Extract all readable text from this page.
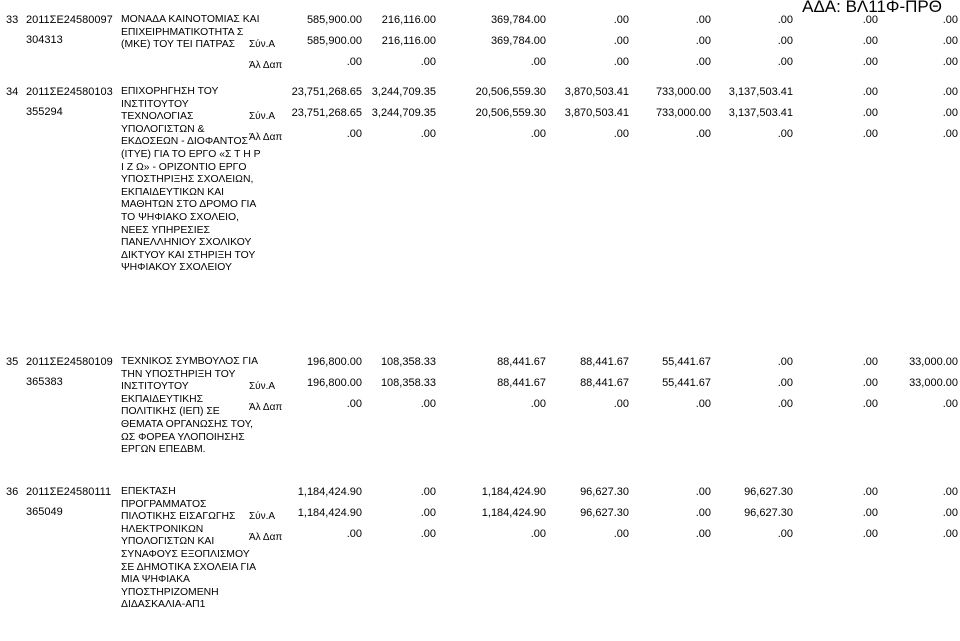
ΑΔΑ: ΒΛ11Φ-ΠΡΘ
33 2011ΣΕ24580097
304313
ΜΟΝΑΔΑ ΚΑΙΝΟΤΟΜΙΑΣ ΚΑΙ ΕΠΙΧΕΙΡΗΜΑΤΙΚΟΤΗΤΑ Σ (ΜΚΕ) ΤΟΥ ΤΕΙ ΠΑΤΡΑΣ
585,900.00 216,116.00	369,784.00	.00	.00	.00	.00	.00
Σύν.Α	585,900.00 216,116.00	369,784.00	.00	.00	.00	.00	.00
Άλ Δαπ	.00	.00	.00	.00	.00	.00	.00	.00
34 2011ΣΕ24580103
355294
ΕΠΙΧΟΡΗΓΗΣΗ ΤΟΥ ΙΝΣΤΙΤΟΥΤΟΥ ΤΕΧΝΟΛΟΓΙΑΣ ΥΠΟΛΟΓΙΣΤΩΝ & ΕΚΔΟΣΕΩΝ - ΔΙΟΦΑΝΤΟΣ (ΙΤΥΕ) ΓΙΑ ΤΟ ΕΡΓΟ «Σ Τ Η Ρ Ι Ζ Ω» - ΟΡΙΖΟΝΤΙΟ ΕΡΓΟ ΥΠΟΣΤΗΡΙΞΗΣ ΣΧΟΛΕΙΩΝ, ΕΚΠΑΙΔΕΥΤΙΚΩΝ ΚΑΙ ΜΑΘΗΤΩΝ ΣΤΟ ΔΡΟΜΟ ΓΙΑ ΤΟ ΨΗΦΙΑΚΟ ΣΧΟΛΕΙΟ, ΝΕΕΣ ΥΠΗΡΕΣΙΕΣ ΠΑΝΕΛΛΗΝΙΟΥ ΣΧΟΛΙΚΟΥ ΔΙΚΤΥΟΥ ΚΑΙ ΣΤΗΡΙΞΗ ΤΟΥ ΨΗΦΙΑΚΟΥ ΣΧΟΛΕΙΟΥ
23,751,268.65 3,244,709.35	20,506,559.30 3,870,503.41 733,000.00 3,137,503.41	.00	.00
Σύν.Α 23,751,268.65 3,244,709.35	20,506,559.30 3,870,503.41 733,000.00 3,137,503.41	.00	.00
Άλ Δαπ	.00	.00	.00	.00	.00	.00	.00	.00
35 2011ΣΕ24580109
365383
ΤΕΧΝΙΚΟΣ ΣΥΜΒΟΥΛΟΣ ΓΙΑ ΤΗΝ ΥΠΟΣΤΗΡΙΞΗ ΤΟΥ ΙΝΣΤΙΤΟΥΤΟΥ ΕΚΠΑΙΔΕΥΤΙΚΗΣ ΠΟΛΙΤΙΚΗΣ (ΙΕΠ) ΣΕ ΘΕΜΑΤΑ ΟΡΓΑΝΩΣΗΣ ΤΟΥ, ΩΣ ΦΟΡΕΑ ΥΛΟΠΟΙΗΣΗΣ ΕΡΓΩΝ ΕΠΕΔΒΜ.
196,800.00 108,358.33	88,441.67	88,441.67	55,441.67	.00	.00	33,000.00
Σύν.Α	196,800.00 108,358.33	88,441.67	88,441.67	55,441.67	.00	.00	33,000.00
Άλ Δαπ	.00	.00	.00	.00	.00	.00	.00	.00
36 2011ΣΕ24580111
365049
ΕΠΕΚΤΑΣΗ ΠΡΟΓΡΑΜΜΑΤΟΣ ΠΙΛΟΤΙΚΗΣ ΕΙΣΑΓΩΓΗΣ ΗΛΕΚΤΡΟΝΙΚΩΝ ΥΠΟΛΟΓΙΣΤΩΝ ΚΑΙ ΣΥΝΑΦΟΥΣ ΕΞΟΠΛΙΣΜΟΥ ΣΕ ΔΗΜΟΤΙΚΑ ΣΧΟΛΕΙΑ ΓΙΑ ΜΙΑ ΨΗΦΙΑΚΑ ΥΠΟΣΤΗΡΙΖΟΜΕΝΗ ΔΙΔΑΣΚΑΛΙΑ-ΑΠ1
1,184,424.90	.00	1,184,424.90	96,627.30	.00	96,627.30	.00	.00
Σύν.Α 1,184,424.90	.00	1,184,424.90	96,627.30	.00	96,627.30	.00	.00
Άλ Δαπ	.00	.00	.00	.00	.00	.00	.00	.00
